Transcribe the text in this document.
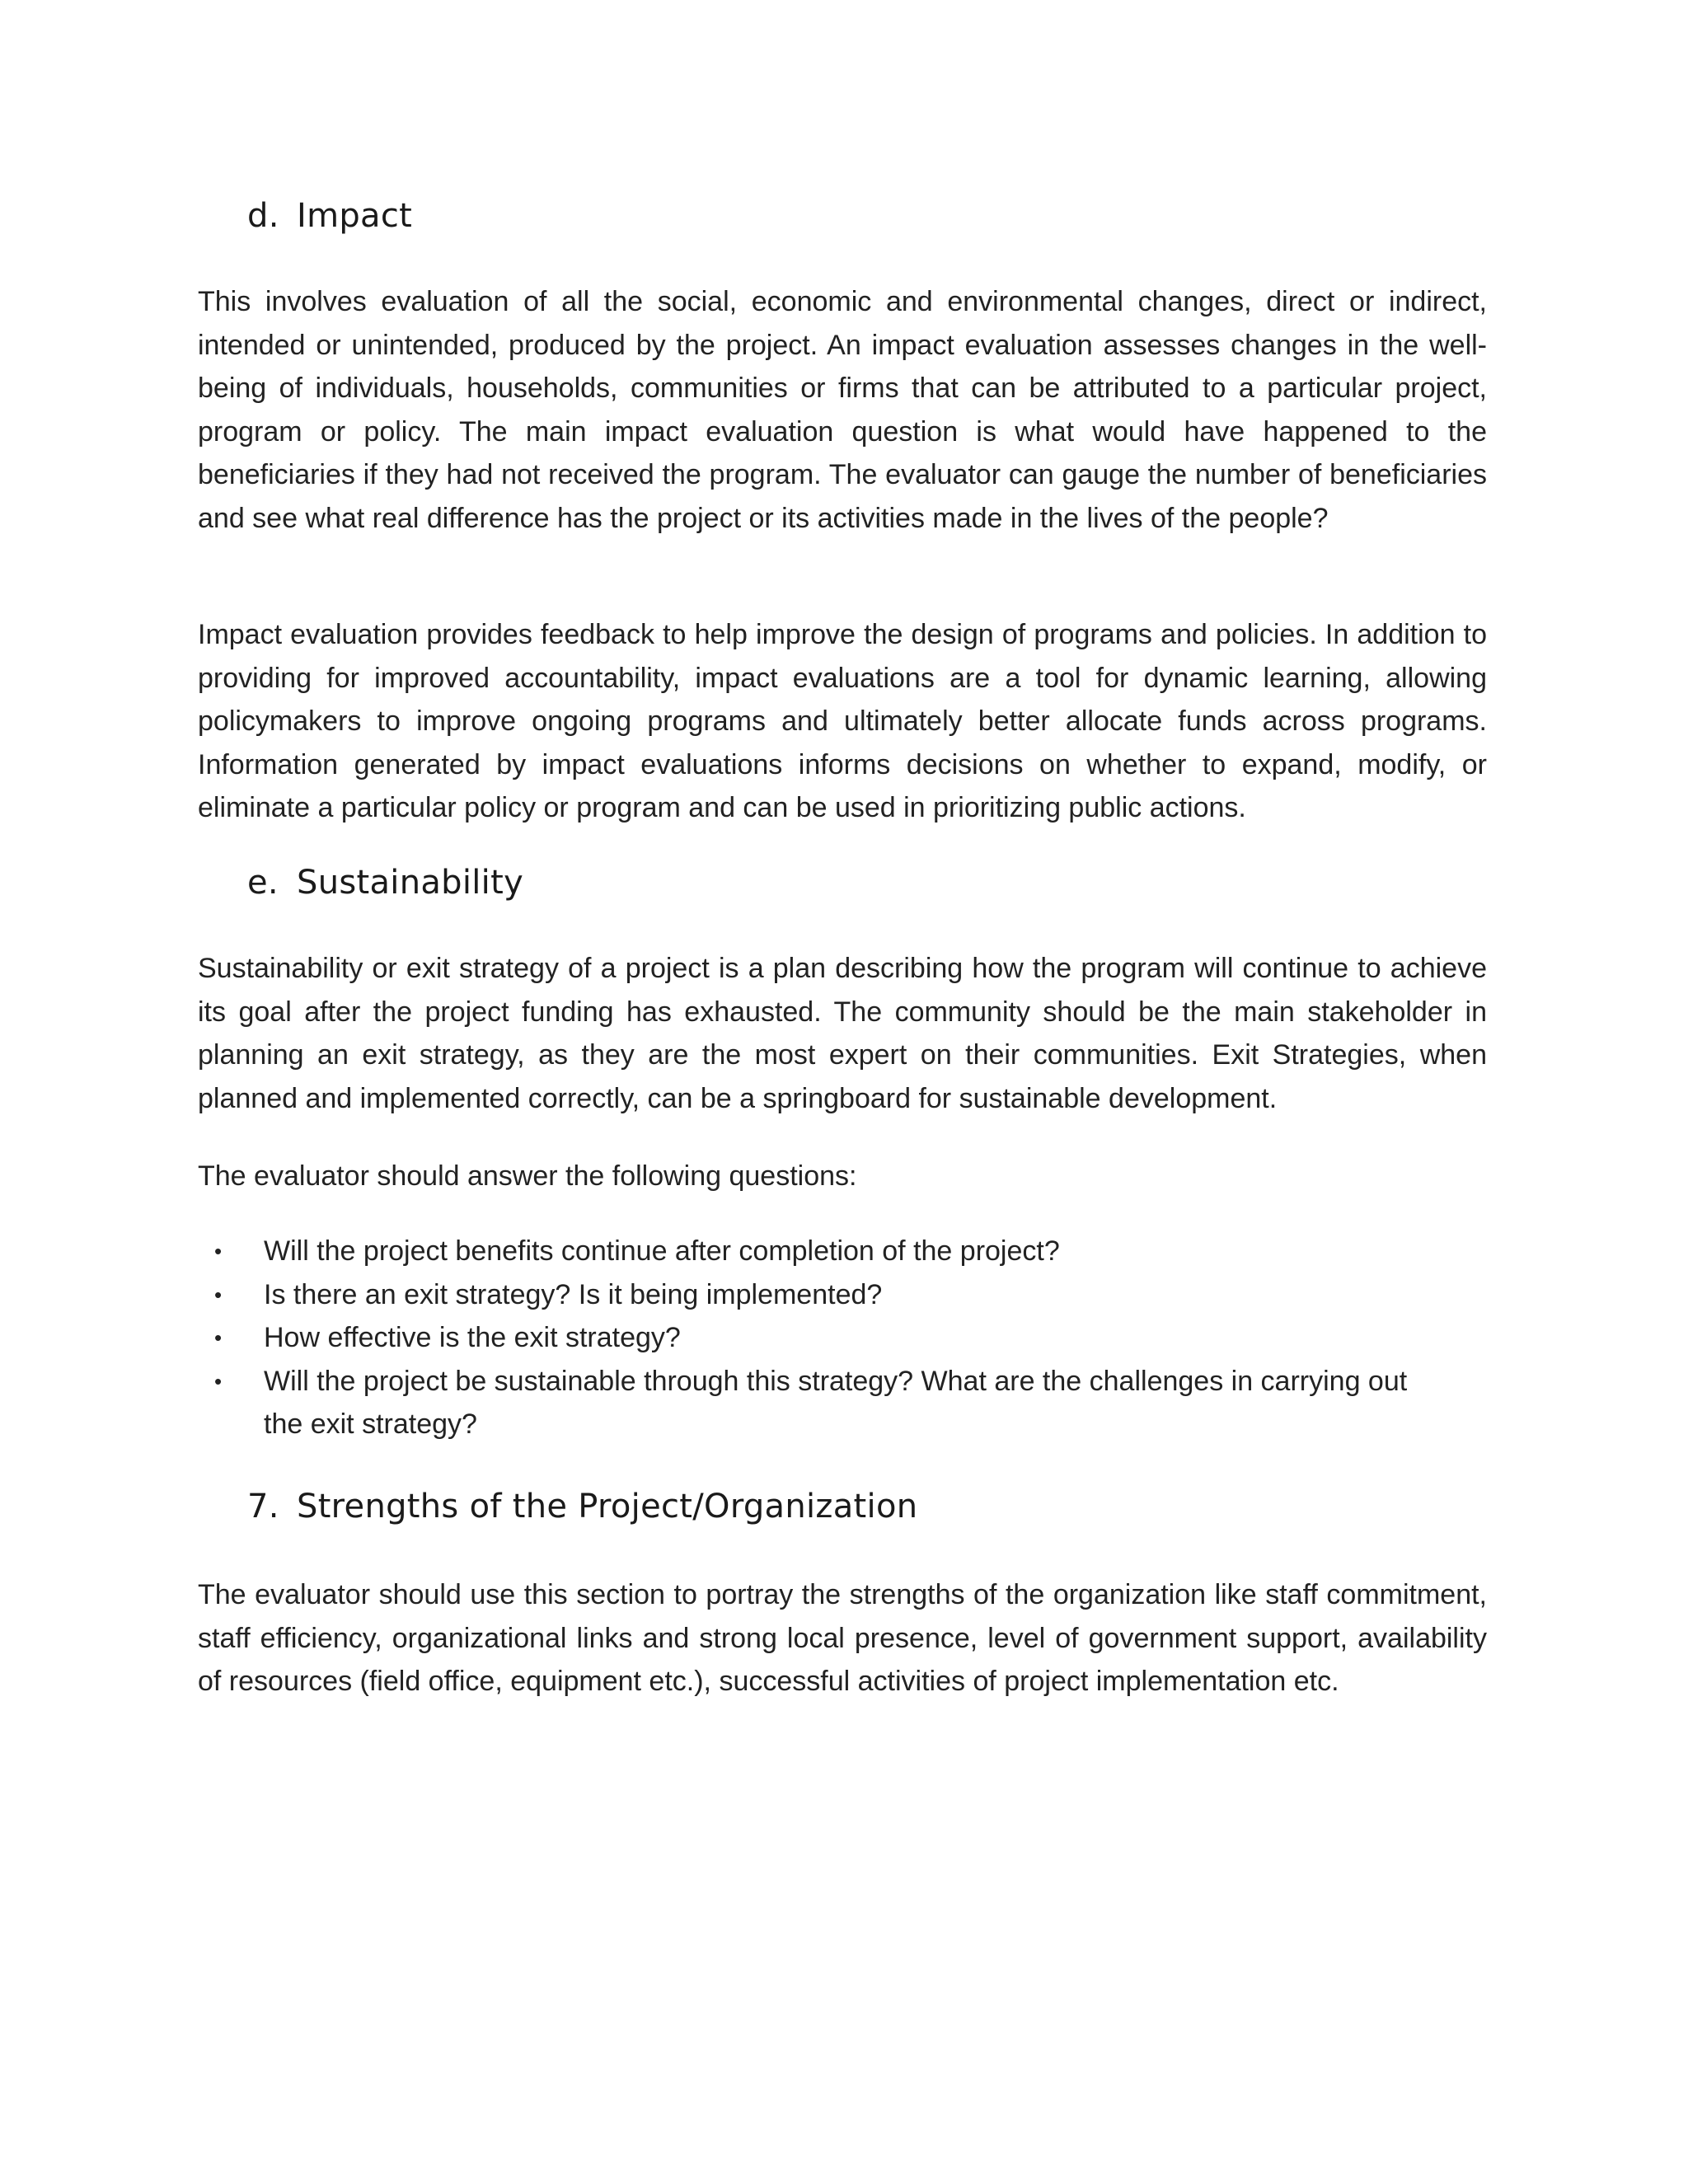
d. Impact

This involves evaluation of all the social, economic and environmental changes, direct or indirect, intended or unintended, produced by the project. An impact evaluation assesses changes in the well-being of individuals, households, communities or firms that can be attributed to a particular project, program or policy. The main impact evaluation question is what would have happened to the beneficiaries if they had not received the program. The evaluator can gauge the number of beneficiaries and see what real difference has the project or its activities made in the lives of the people?

Impact evaluation provides feedback to help improve the design of programs and policies. In addition to providing for improved accountability, impact evaluations are a tool for dynamic learning, allowing policymakers to improve ongoing programs and ultimately better allocate funds across programs. Information generated by impact evaluations informs decisions on whether to expand, modify, or eliminate a particular policy or program and can be used in prioritizing public actions.

e. Sustainability

Sustainability or exit strategy of a project is a plan describing how the program will continue to achieve its goal after the project funding has exhausted. The community should be the main stakeholder in planning an exit strategy, as they are the most expert on their communities. Exit Strategies, when planned and implemented correctly, can be a springboard for sustainable development.

The evaluator should answer the following questions:

• Will the project benefits continue after completion of the project?
• Is there an exit strategy? Is it being implemented?
• How effective is the exit strategy?
• Will the project be sustainable through this strategy? What are the challenges in carrying out the exit strategy?
7. Strengths of the Project/Organization

The evaluator should use this section to portray the strengths of the organization like staff commitment, staff efficiency, organizational links and strong local presence, level of government support, availability of resources (field office, equipment etc.), successful activities of project implementation etc.
